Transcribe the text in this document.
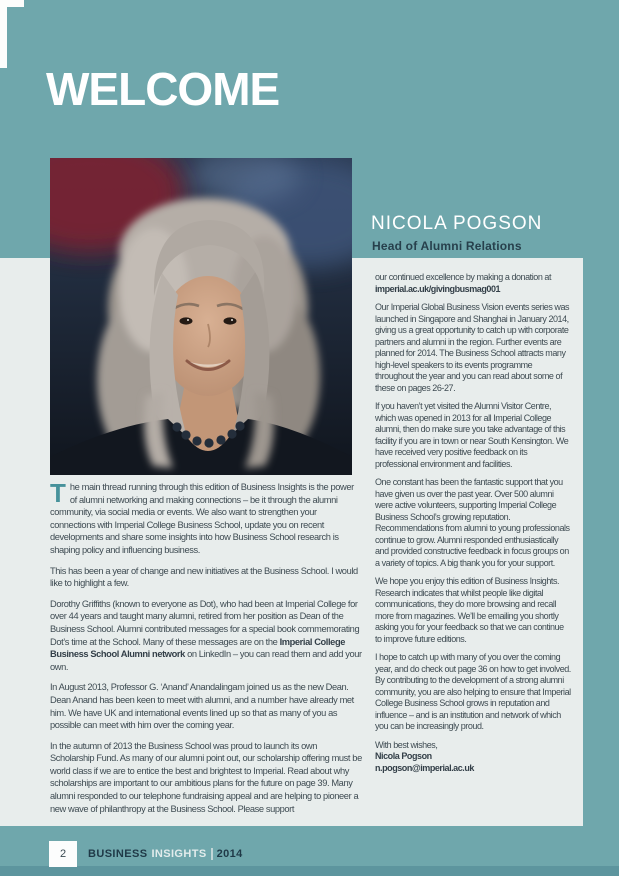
WELCOME
NICOLA POGSON
Head of Alumni Relations

The main thread running through this edition of Business Insights is the power of alumni networking and making connections – be it through the alumni community, via social media or events. We also want to strengthen your connections with Imperial College Business School, update you on recent developments and share some insights into how Business School research is shaping policy and influencing business.

This has been a year of change and new initiatives at the Business School. I would like to highlight a few.

Dorothy Griffiths (known to everyone as Dot), who had been at Imperial College for over 44 years and taught many alumni, retired from her position as Dean of the Business School. Alumni contributed messages for a special book commemorating Dot’s time at the School. Many of these messages are on the Imperial College Business School Alumni network on LinkedIn – you can read them and add your own.

In August 2013, Professor G. ‘Anand’ Anandalingam joined us as the new Dean. Dean Anand has been keen to meet with alumni, and a number have already met him. We have UK and international events lined up so that as many of you as possible can meet with him over the coming year.

In the autumn of 2013 the Business School was proud to launch its own Scholarship Fund. As many of our alumni point out, our scholarship offering must be world class if we are to entice the best and brightest to Imperial. Read about why scholarships are important to our ambitious plans for the future on page 39. Many alumni responded to our telephone fundraising appeal and are helping to pioneer a new wave of philanthropy at the Business School. Please support

our continued excellence by making a donation at imperial.ac.uk/givingbusmag001

Our Imperial Global Business Vision events series was launched in Singapore and Shanghai in January 2014, giving us a great opportunity to catch up with corporate partners and alumni in the region. Further events are planned for 2014. The Business School attracts many high-level speakers to its events programme throughout the year and you can read about some of these on pages 26-27.

If you haven’t yet visited the Alumni Visitor Centre, which was opened in 2013 for all Imperial College alumni, then do make sure you take advantage of this facility if you are in town or near South Kensington. We have received very positive feedback on its professional environment and facilities.

One constant has been the fantastic support that you have given us over the past year. Over 500 alumni were active volunteers, supporting Imperial College Business School’s growing reputation. Recommendations from alumni to young professionals continue to grow. Alumni responded enthusiastically and provided constructive feedback in focus groups on a variety of topics. A big thank you for your support.

We hope you enjoy this edition of Business Insights. Research indicates that whilst people like digital communications, they do more browsing and recall more from magazines. We’ll be emailing you shortly asking you for your feedback so that we can continue to improve future editions.

I hope to catch up with many of you over the coming year, and do check out page 36 on how to get involved. By contributing to the development of a strong alumni community, you are also helping to ensure that Imperial College Business School grows in reputation and influence – and is an institution and network of which you can be increasingly proud.

With best wishes,
Nicola Pogson
n.pogson@imperial.ac.uk

2 BUSINESS INSIGHTS 2014
